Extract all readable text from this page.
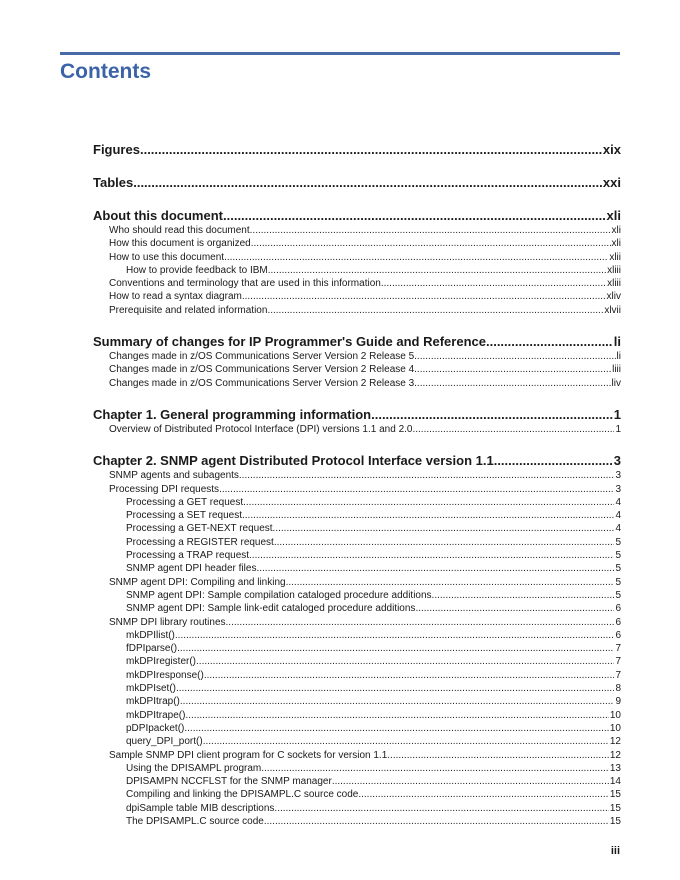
Contents
Figures .....	xix
Tables .....	xxi
About this document .....	xli
Who should read this document .....	xli
How this document is organized .....	xli
How to use this document .....	xlii
How to provide feedback to IBM .....	xliii
Conventions and terminology that are used in this information .....	xliii
How to read a syntax diagram .....	xliv
Prerequisite and related information .....	xlvii
Summary of changes for IP Programmer's Guide and Reference .....	li
Changes made in z/OS Communications Server Version 2 Release 5 .....	li
Changes made in z/OS Communications Server Version 2 Release 4 .....	liii
Changes made in z/OS Communications Server Version 2 Release 3 .....	liv
Chapter 1. General programming information .....	1
Overview of Distributed Protocol Interface (DPI) versions 1.1 and 2.0 .....	1
Chapter 2. SNMP agent Distributed Protocol Interface version 1.1 .....	3
SNMP agents and subagents .....	3
Processing DPI requests .....	3
Processing a GET request .....	4
Processing a SET request .....	4
Processing a GET-NEXT request .....	4
Processing a REGISTER request .....	5
Processing a TRAP request .....	5
SNMP agent DPI header files .....	5
SNMP agent DPI: Compiling and linking .....	5
SNMP agent DPI: Sample compilation cataloged procedure additions .....	5
SNMP agent DPI: Sample link-edit cataloged procedure additions .....	6
SNMP DPI library routines .....	6
mkDPIlist() .....	6
fDPIparse() .....	7
mkDPIregister() .....	7
mkDPIresponse() .....	7
mkDPIset() .....	8
mkDPItrap() .....	9
mkDPItrape() .....	10
pDPIpacket() .....	10
query_DPI_port() .....	12
Sample SNMP DPI client program for C sockets for version 1.1 .....	12
Using the DPISAMPL program .....	13
DPISAMPN NCCFLST for the SNMP manager .....	14
Compiling and linking the DPISAMPL.C source code .....	15
dpiSample table MIB descriptions .....	15
The DPISAMPL.C source code .....	15
iii
